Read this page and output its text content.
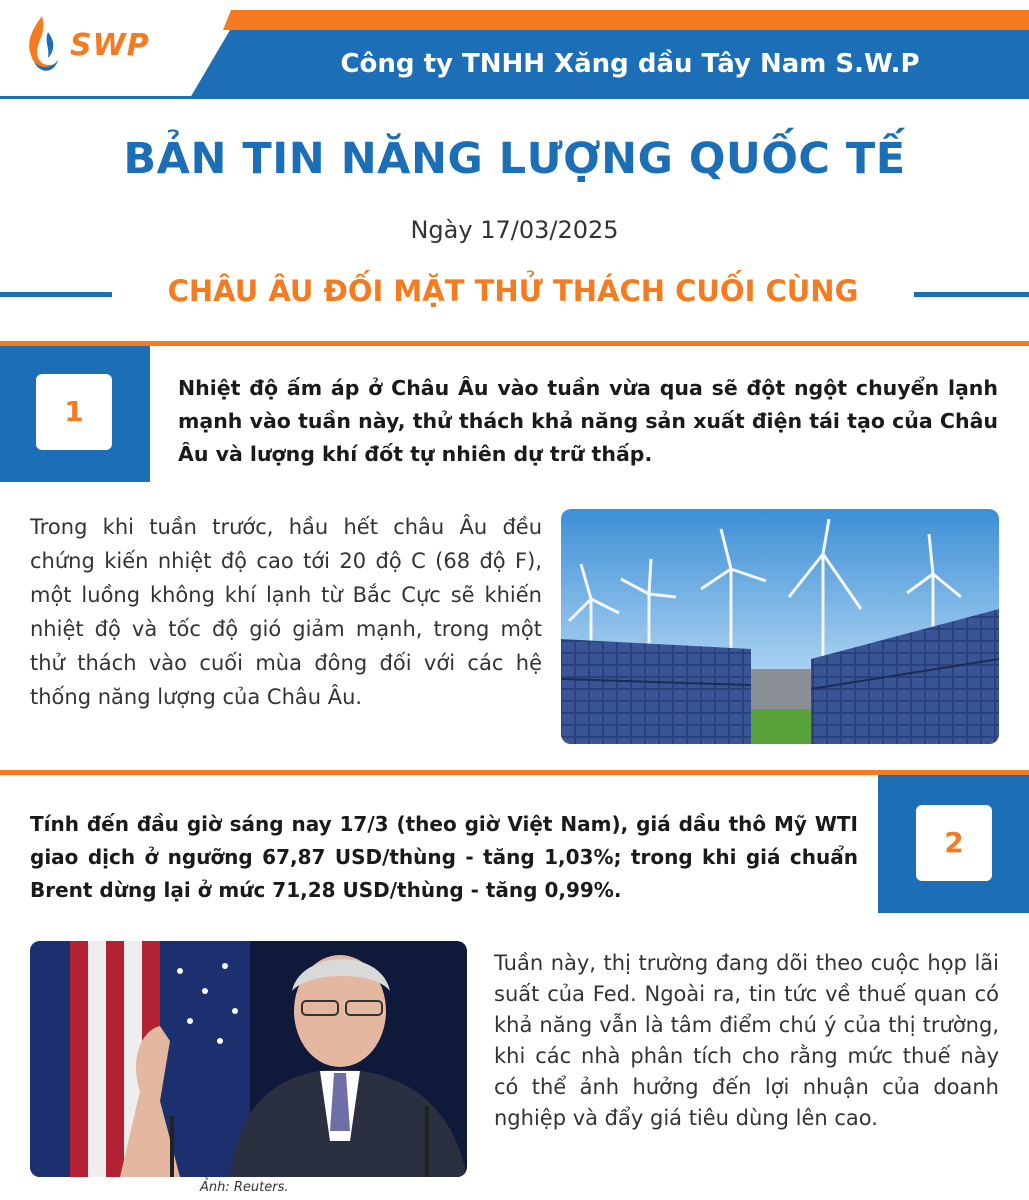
SWP
Công ty TNHH Xăng dầu Tây Nam S.W.P
BẢN TIN NĂNG LƯỢNG QUỐC TẾ
Ngày 17/03/2025
CHÂU ÂU ĐỐI MẶT THỬ THÁCH CUỐI CÙNG
1
Nhiệt độ ấm áp ở Châu Âu vào tuần vừa qua sẽ đột ngột chuyển lạnh mạnh vào tuần này, thử thách khả năng sản xuất điện tái tạo của Châu Âu và lượng khí đốt tự nhiên dự trữ thấp.
Trong khi tuần trước, hầu hết châu Âu đều chứng kiến nhiệt độ cao tới 20 độ C (68 độ F), một luồng không khí lạnh từ Bắc Cực sẽ khiến nhiệt độ và tốc độ gió giảm mạnh, trong một thử thách vào cuối mùa đông đối với các hệ thống năng lượng của Châu Âu.
2
Tính đến đầu giờ sáng nay 17/3 (theo giờ Việt Nam), giá dầu thô Mỹ WTI giao dịch ở ngưỡng 67,87 USD/thùng - tăng 1,03%; trong khi giá chuẩn Brent dừng lại ở mức 71,28 USD/thùng - tăng 0,99%.
Ảnh: Reuters.
Tuần này, thị trường đang dõi theo cuộc họp lãi suất của Fed. Ngoài ra, tin tức về thuế quan có khả năng vẫn là tâm điểm chú ý của thị trường, khi các nhà phân tích cho rằng mức thuế này có thể ảnh hưởng đến lợi nhuận của doanh nghiệp và đẩy giá tiêu dùng lên cao.
